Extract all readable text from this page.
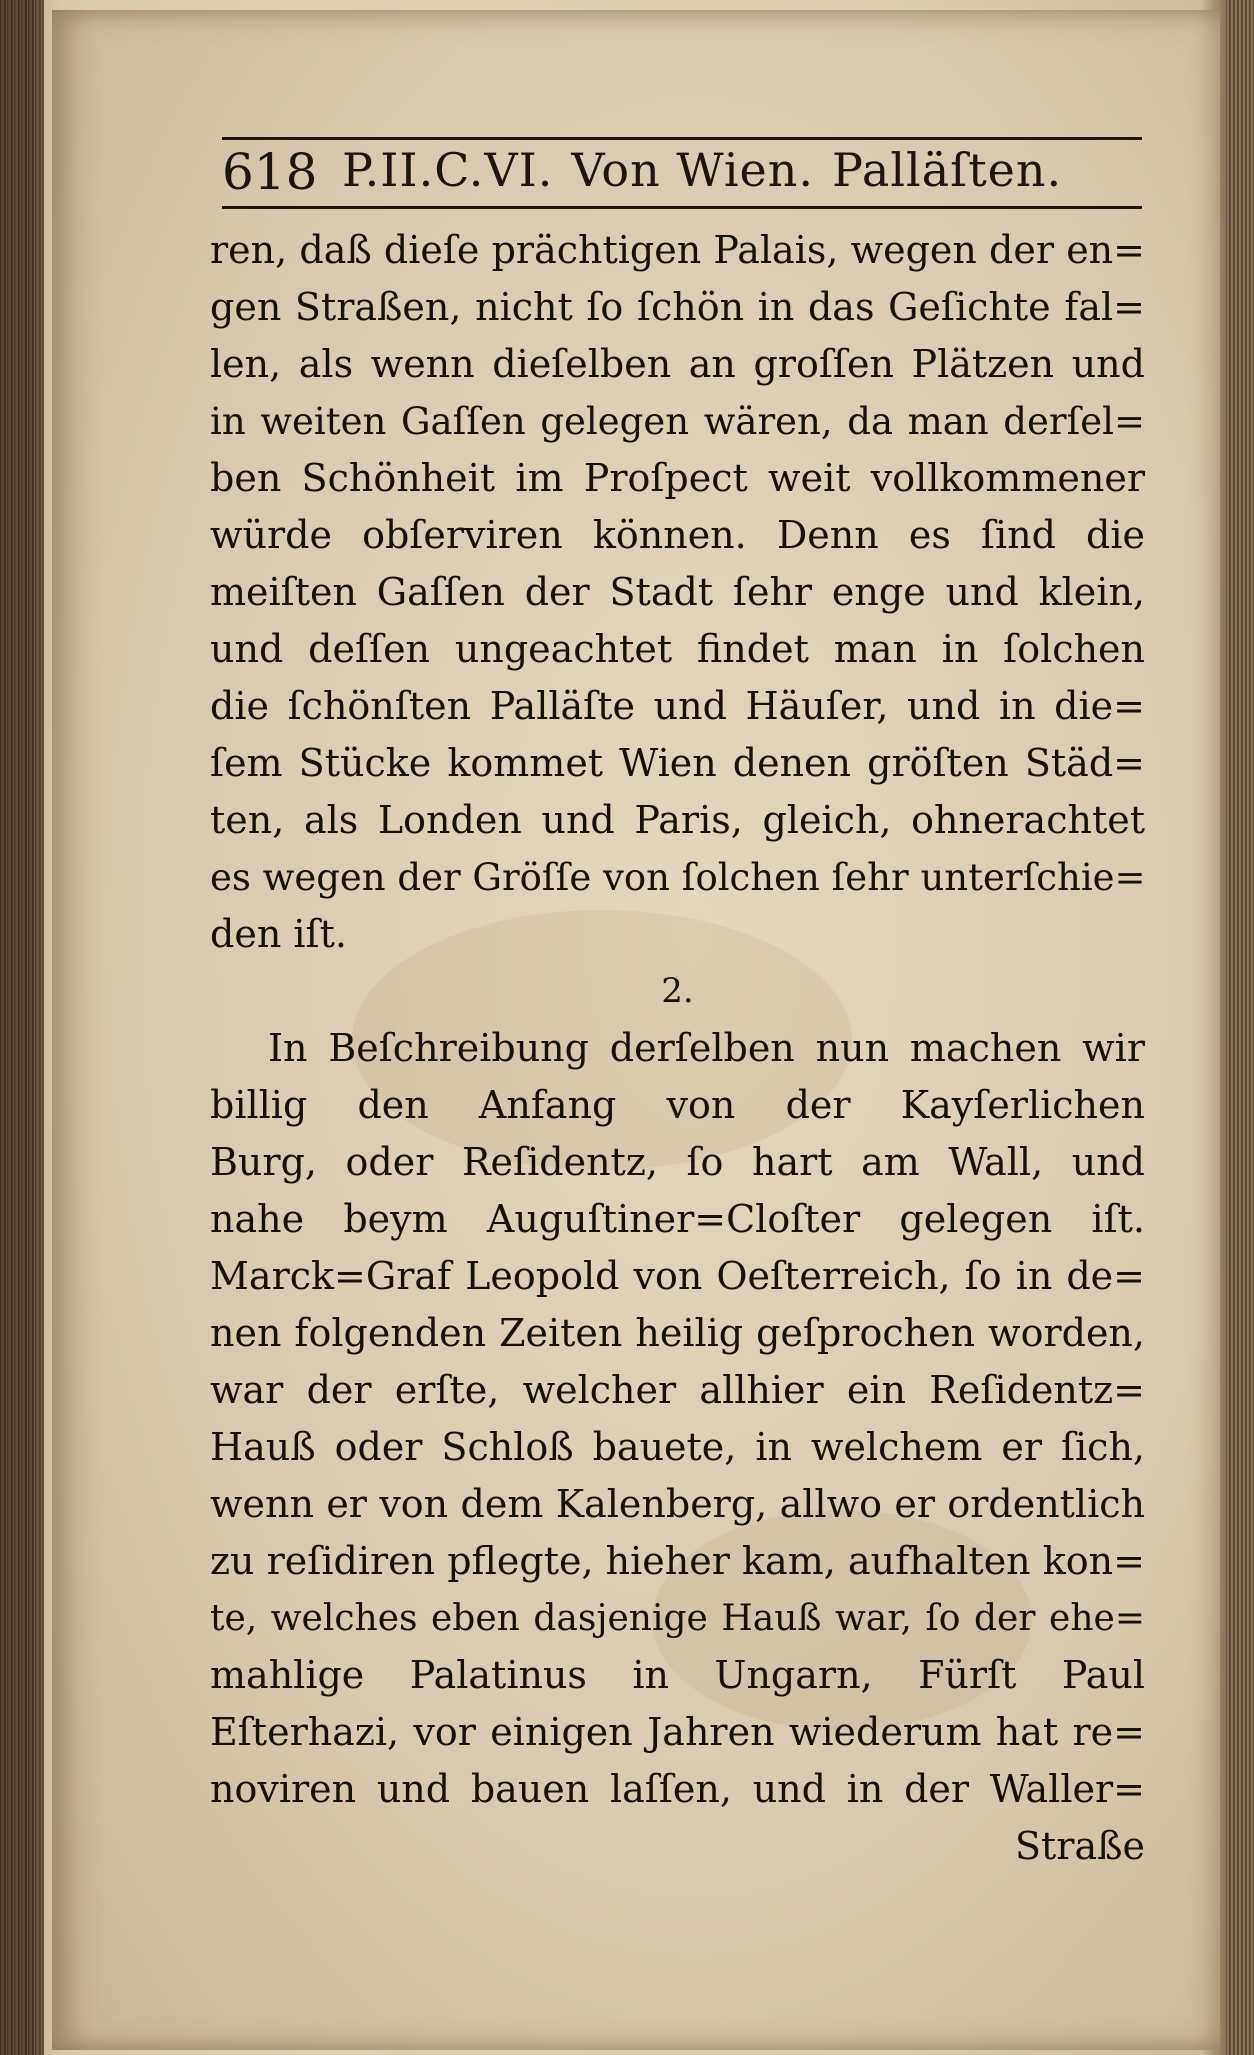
618 P.II.C.VI. Von Wien. Palläſten.
ren, daß dieſe prächtigen Palais, wegen der en=
gen Straßen, nicht ſo ſchön in das Geſichte fal=
len, als wenn dieſelben an groſſen Plätzen und
in weiten Gaſſen gelegen wären, da man derſel=
ben Schönheit im Proſpect weit vollkommener
würde obſerviren können. Denn es ſind die
meiſten Gaſſen der Stadt ſehr enge und klein,
und deſſen ungeachtet findet man in ſolchen
die ſchönſten Palläſte und Häuſer, und in die=
ſem Stücke kommet Wien denen gröſten Städ=
ten, als Londen und Paris, gleich, ohnerachtet
es wegen der Gröſſe von ſolchen ſehr unterſchie=
den iſt.
2.
In Beſchreibung derſelben nun machen wir
billig den Anfang von der Kayſerlichen
Burg, oder Reſidentz, ſo hart am Wall, und
nahe beym Auguſtiner=Cloſter gelegen iſt.
Marck=Graf Leopold von Oeſterreich, ſo in de=
nen folgenden Zeiten heilig geſprochen worden,
war der erſte, welcher allhier ein Reſidentz=
Hauß oder Schloß bauete, in welchem er ſich,
wenn er von dem Kalenberg, allwo er ordentlich
zu reſidiren pflegte, hieher kam, aufhalten kon=
te, welches eben dasjenige Hauß war, ſo der ehe=
mahlige Palatinus in Ungarn, Fürſt Paul
Eſterhazi, vor einigen Jahren wiederum hat re=
noviren und bauen laſſen, und in der Waller=
Straße
